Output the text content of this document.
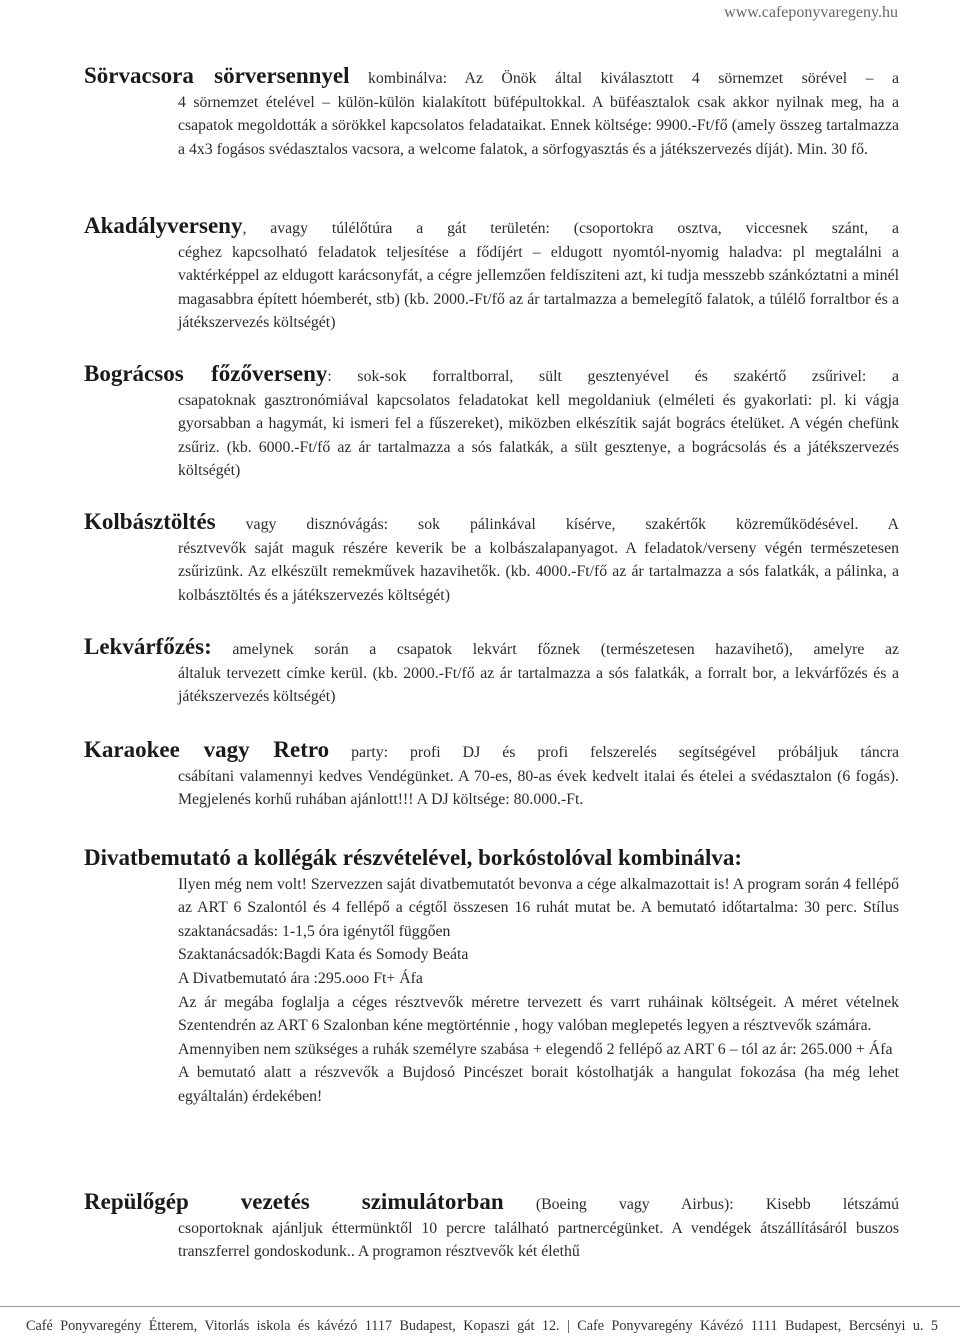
www.cafeponyvaregeny.hu
Sörvacsora sörversennyel kombinálva: Az Önök által kiválasztott 4 sörnemzet sörével – a
4 sörnemzet ételével – külön-külön kialakított büfépultokkal. A büféasztalok csak akkor nyilnak meg, ha a csapatok megoldották a sörökkel kapcsolatos feladataikat. Ennek költsége: 9900.-Ft/fő (amely összeg tartalmazza a 4x3 fogásos svédasztalos vacsora, a welcome falatok, a sörfogyasztás és a játékszervezés díját). Min. 30 fő.
Akadályverseny, avagy túlélőtúra a gát területén: (csoportokra osztva, viccesnek szánt, a
céghez kapcsolható feladatok teljesítése a fődíjért – eldugott nyomtól-nyomig haladva: pl megtalálni a vaktérképpel az eldugott karácsonyfát, a cégre jellemzően feldísziteni azt, ki tudja messzebb szánkóztatni a minél magasabbra épített hóemberét, stb) (kb. 2000.-Ft/fő az ár tartalmazza a bemelegítő falatok, a túlélő forraltbor és a játékszervezés költségét)
Bográcsos főzőverseny: sok-sok forraltborral, sült gesztenyével és szakértő zsűrivel: a
csapatoknak gasztronómiával kapcsolatos feladatokat kell megoldaniuk (elméleti és gyakorlati: pl. ki vágja gyorsabban a hagymát, ki ismeri fel a fűszereket), miközben elkészítik saját bogrács ételüket. A végén chefünk zsűriz. (kb. 6000.-Ft/fő az ár tartalmazza a sós falatkák, a sült gesztenye, a bográcsolás és a játékszervezés költségét)
Kolbásztöltés vagy disznóvágás: sok pálinkával kísérve, szakértők közreműködésével. A
résztvevők saját maguk részére keverik be a kolbászalapanyagot. A feladatok/verseny végén természetesen zsűrizünk. Az elkészült remekművek hazavihetők. (kb. 4000.-Ft/fő az ár tartalmazza a sós falatkák, a pálinka, a kolbásztöltés és a játékszervezés költségét)
Lekvárfőzés: amelynek során a csapatok lekvárt főznek (természetesen hazavihető), amelyre az
általuk tervezett címke kerül. (kb. 2000.-Ft/fő az ár tartalmazza a sós falatkák, a forralt bor, a lekvárfőzés és a játékszervezés költségét)
Karaokee vagy Retro party: profi DJ és profi felszerelés segítségével próbáljuk táncra
csábítani valamennyi kedves Vendégünket. A 70-es, 80-as évek kedvelt italai és ételei a svédasztalon (6 fogás). Megjelenés korhű ruhában ajánlott!!! A DJ költsége: 80.000.-Ft.
Divatbemutató a kollégák részvételével, borkóstolóval kombinálva:
Ilyen még nem volt! Szervezzen saját divatbemutatót bevonva a cége alkalmazottait is! A program során 4 fellépő az ART 6 Szalontól és 4 fellépő a cégtől összesen 16 ruhát mutat be. A bemutató időtartalma: 30 perc. Stílus szaktanácsadás: 1-1,5 óra igénytől függően
Szaktanácsadók:Bagdi Kata és Somody Beáta
A Divatbemutató ára :295.ooo Ft+ Áfa
Az ár megába foglalja a céges résztvevők méretre tervezett és varrt ruháinak költségeit. A méret vételnek Szentendrén az ART 6 Szalonban kéne megtörténnie , hogy valóban meglepetés legyen a résztvevők számára.
Amennyiben nem szükséges a ruhák személyre szabása + elegendő 2 fellépő az ART 6 – tól az ár: 265.000 + Áfa
A bemutató alatt a részvevők a Bujdosó Pincészet borait kóstolhatják a hangulat fokozása (ha még lehet egyáltalán) érdekében!
Repülőgép vezetés szimulátorban (Boeing vagy Airbus): Kisebb létszámú
csoportoknak ajánljuk éttermünktől 10 percre található partnercégünket. A vendégek átszállításáról buszos transzferrel gondoskodunk.. A programon résztvevők két élethű
Café Ponyvaregény Étterem, Vitorlás iskola és kávézó 1117 Budapest, Kopaszi gát 12. | Cafe Ponyvaregény Kávézó 1111 Budapest, Bercsényi u. 5
